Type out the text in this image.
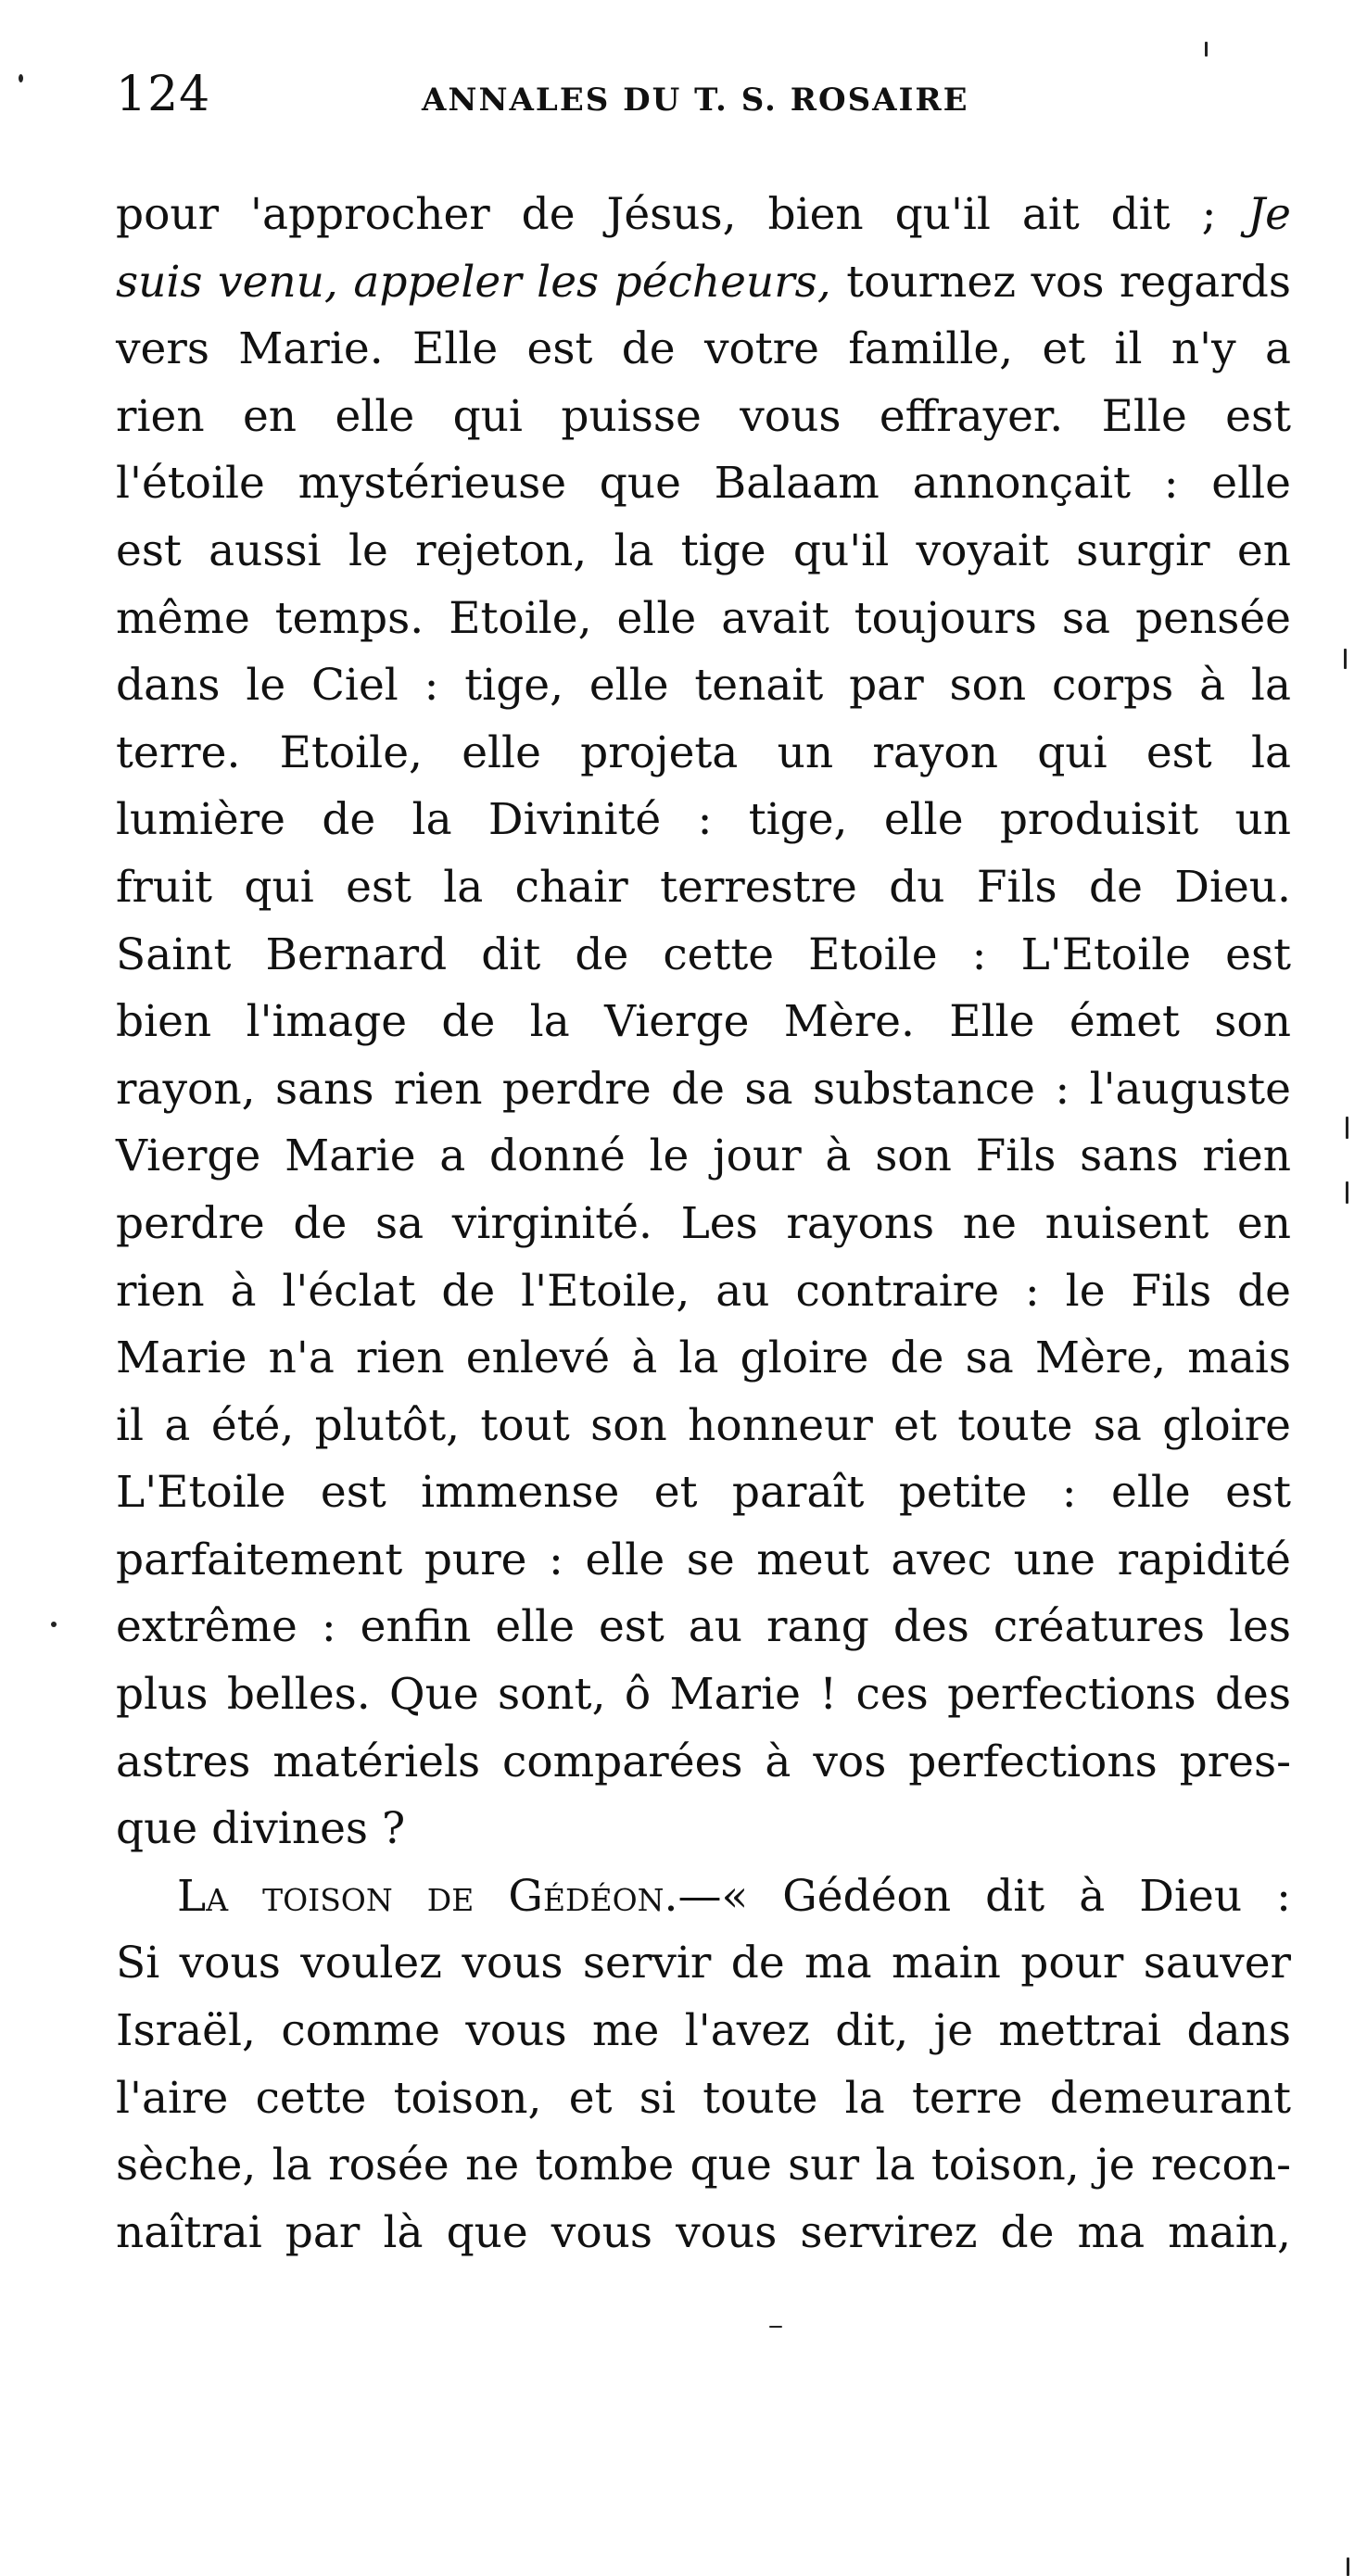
124	ANNALES DU T. S. ROSAIRE
pour 'approcher de Jésus, bien qu'il ait dit ; Je
suis venu, appeler les pécheurs, tournez vos regards
vers Marie. Elle est de votre famille, et il n'y a
rien en elle qui puisse vous effrayer. Elle est
l'étoile mystérieuse que Balaam annonçait : elle
est aussi le rejeton, la tige qu'il voyait surgir en
même temps. Etoile, elle avait toujours sa pensée
dans le Ciel : tige, elle tenait par son corps à la
terre. Etoile, elle projeta un rayon qui est la
lumière de la Divinité : tige, elle produisit un
fruit qui est la chair terrestre du Fils de Dieu.
Saint Bernard dit de cette Etoile : L'Etoile est
bien l'image de la Vierge Mère. Elle émet son
rayon, sans rien perdre de sa substance : l'auguste
Vierge Marie a donné le jour à son Fils sans rien
perdre de sa virginité. Les rayons ne nuisent en
rien à l'éclat de l'Etoile, au contraire : le Fils de
Marie n'a rien enlevé à la gloire de sa Mère, mais
il a été, plutôt, tout son honneur et toute sa gloire
L'Etoile est immense et paraît petite : elle est
parfaitement pure : elle se meut avec une rapidité
extrême : enfin elle est au rang des créatures les
plus belles. Que sont, ô Marie ! ces perfections des
astres matériels comparées à vos perfections pres-
que divines ?
La toison de Gédéon.—« Gédéon dit à Dieu :
Si vous voulez vous servir de ma main pour sauver
Israël, comme vous me l'avez dit, je mettrai dans
l'aire cette toison, et si toute la terre demeurant
sèche, la rosée ne tombe que sur la toison, je recon-
naîtrai par là que vous vous servirez de ma main,
